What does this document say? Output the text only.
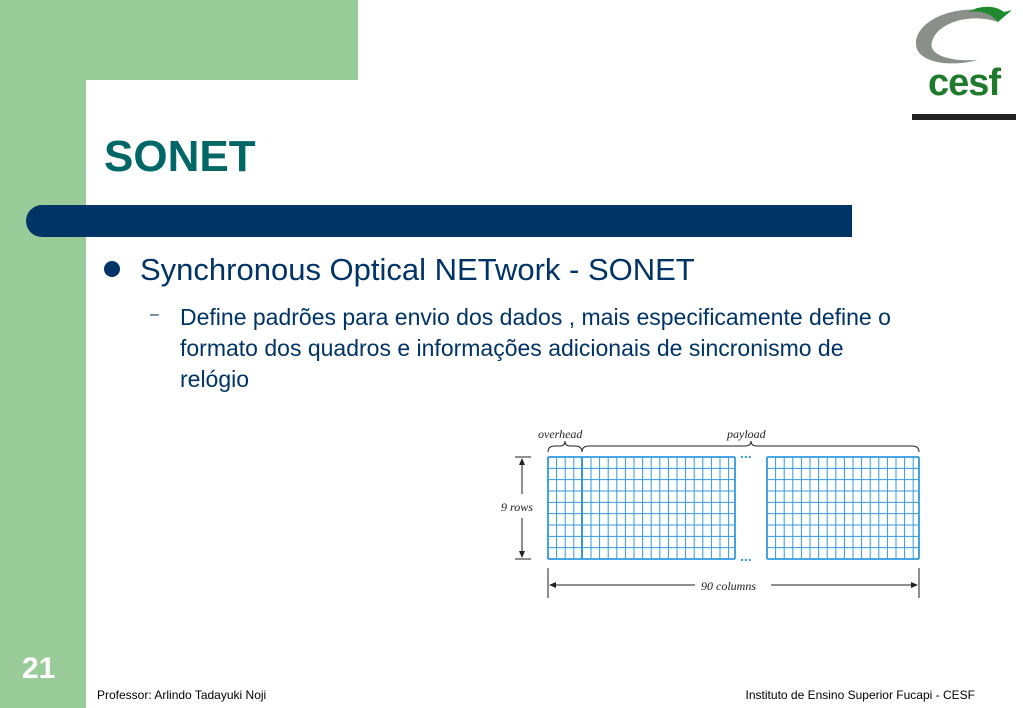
cesf
SONET
Synchronous Optical NETwork - SONET
– Define padrões para envio dos dados , mais especificamente define o formato dos quadros e informações adicionais de sincronismo de relógio
overhead	payload
9 rows
90 columns
...
...
21
Professor: Arlindo Tadayuki Noji	Instituto de Ensino Superior Fucapi - CESF
